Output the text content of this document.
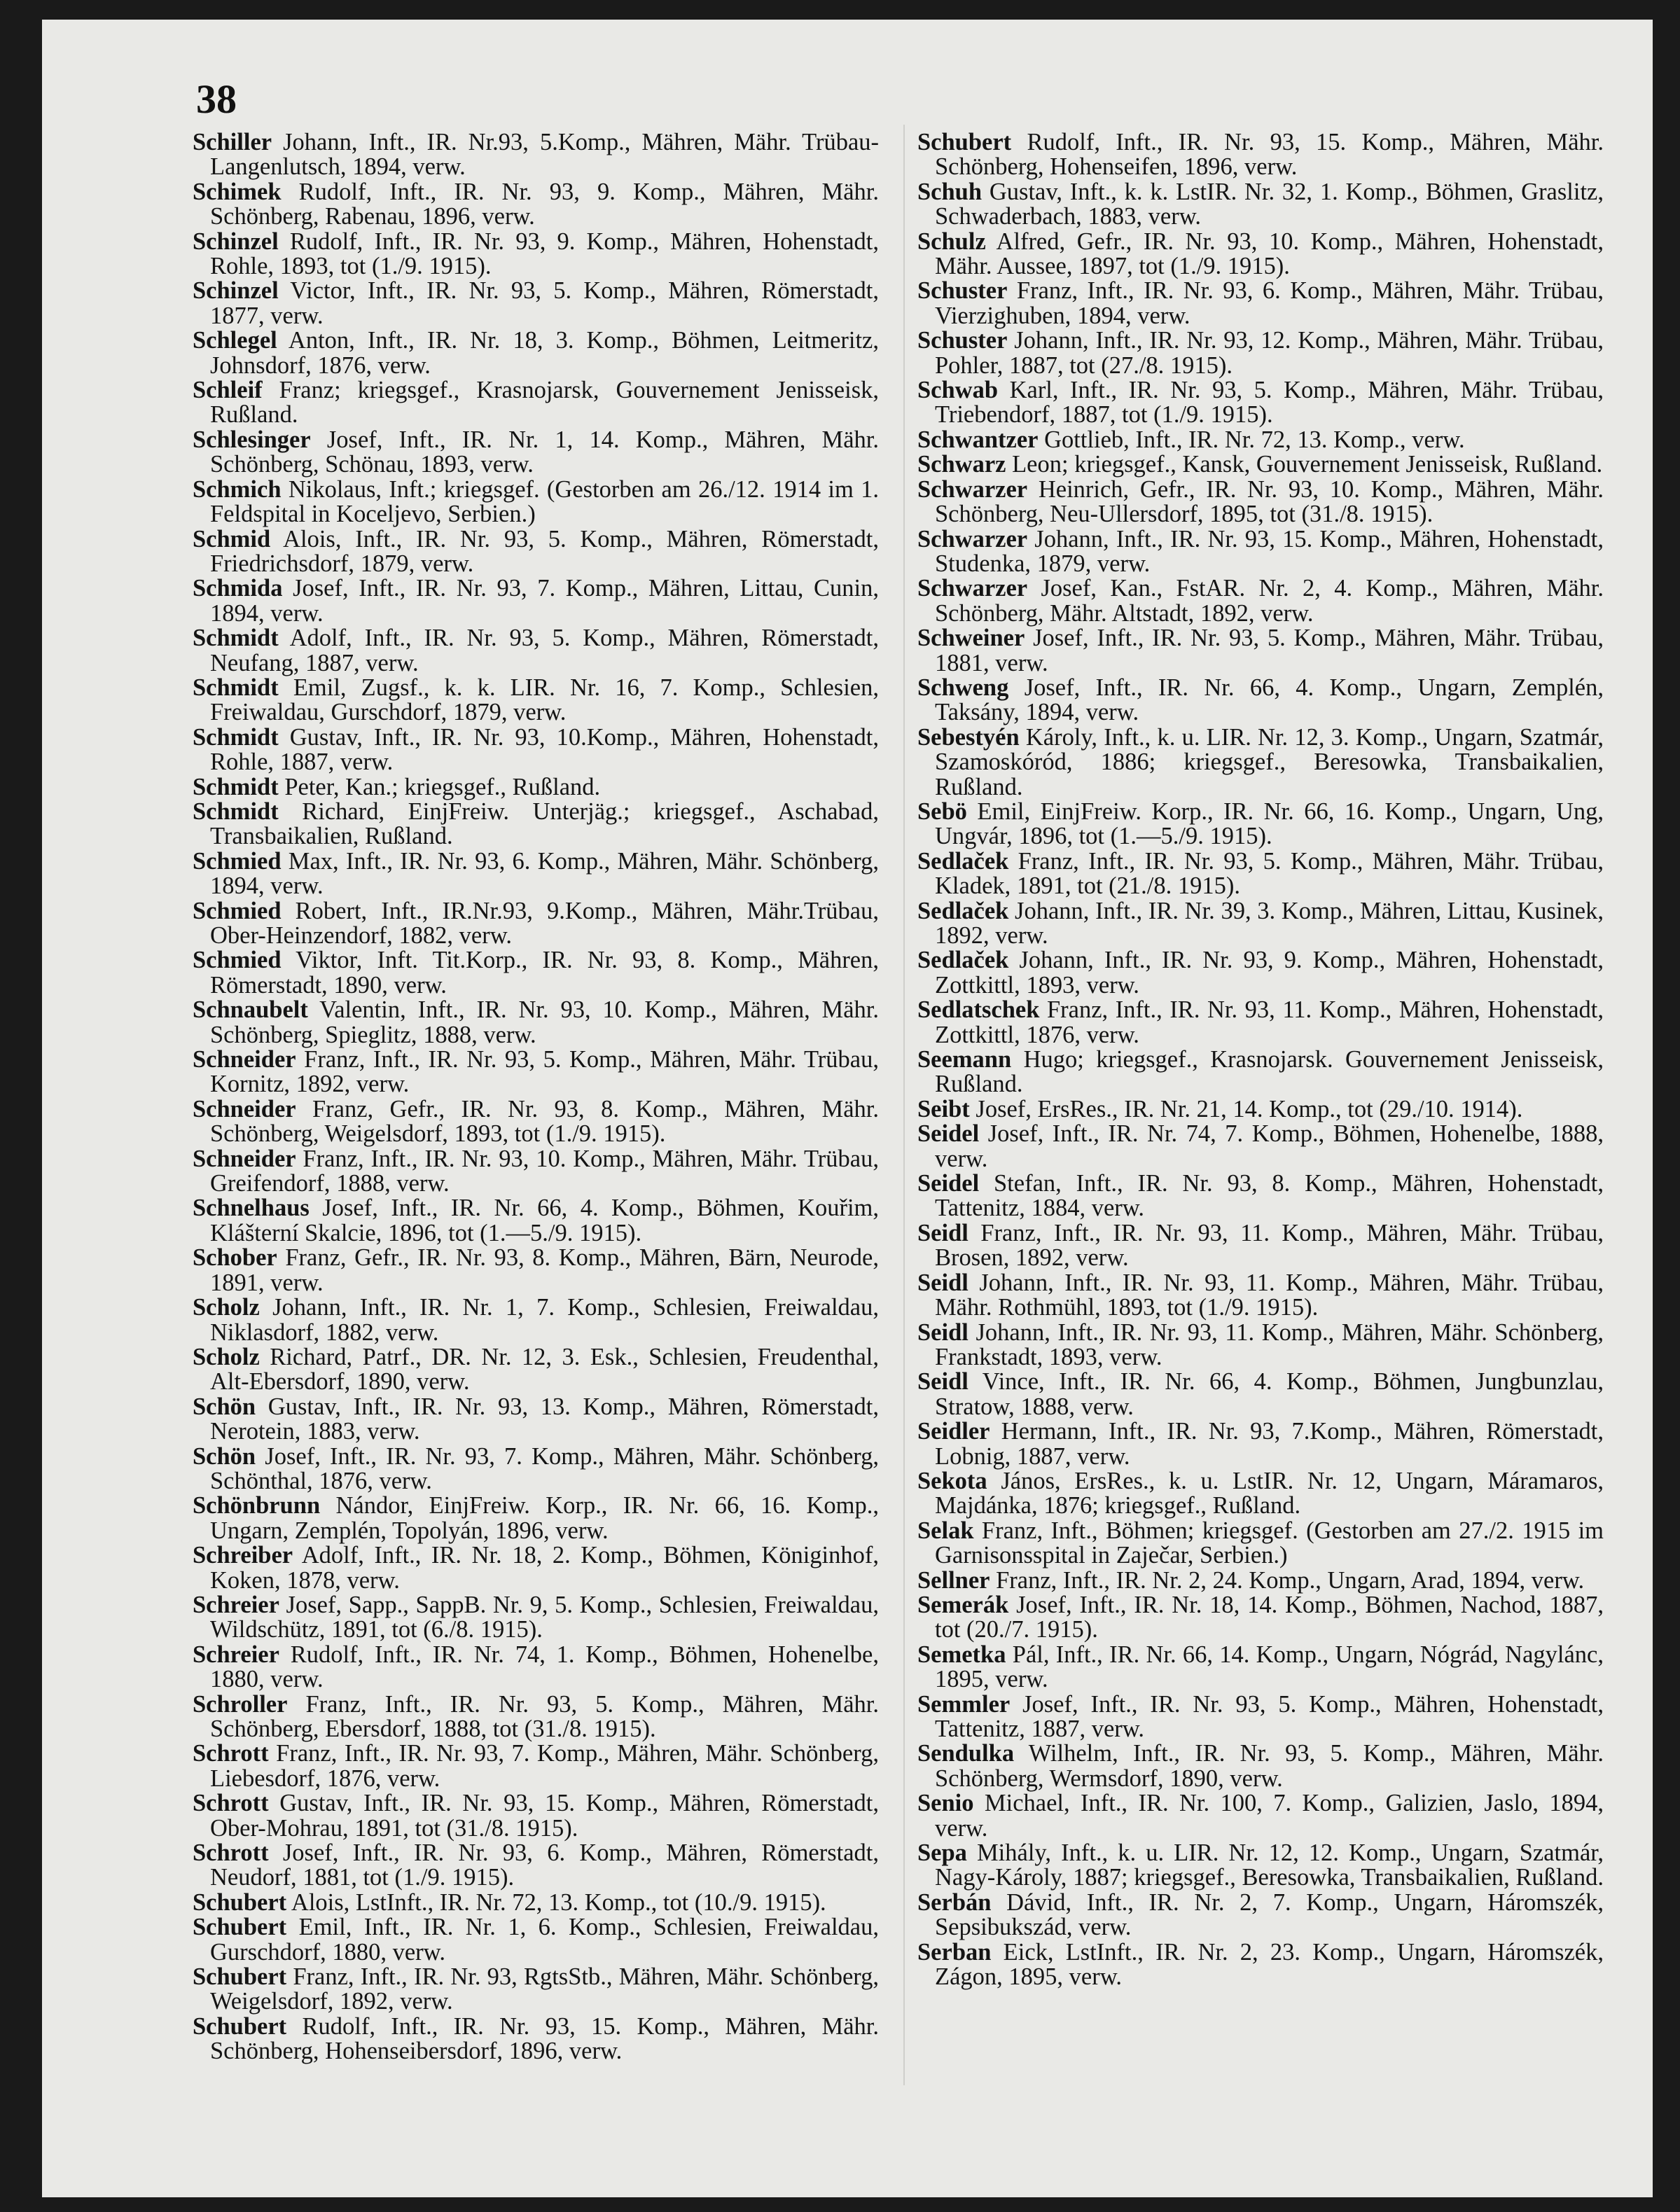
38
Schiller Johann, Inft., IR. Nr.93, 5.Komp., Mähren, Mähr. Trübau-Langenlutsch, 1894, verw.
Schimek Rudolf, Inft., IR. Nr. 93, 9. Komp., Mähren, Mähr. Schönberg, Rabenau, 1896, verw.
Schinzel Rudolf, Inft., IR. Nr. 93, 9. Komp., Mähren, Hohenstadt, Rohle, 1893, tot (1./9. 1915).
Schinzel Victor, Inft., IR. Nr. 93, 5. Komp., Mähren, Römerstadt, 1877, verw.
Schlegel Anton, Inft., IR. Nr. 18, 3. Komp., Böhmen, Leitmeritz, Johnsdorf, 1876, verw.
Schleif Franz; kriegsgef., Krasnojarsk, Gouvernement Jenisseisk, Rußland.
Schlesinger Josef, Inft., IR. Nr. 1, 14. Komp., Mähren, Mähr. Schönberg, Schönau, 1893, verw.
Schmich Nikolaus, Inft.; kriegsgef. (Gestorben am 26./12. 1914 im 1. Feldspital in Koceljevo, Serbien.)
Schmid Alois, Inft., IR. Nr. 93, 5. Komp., Mähren, Römerstadt, Friedrichsdorf, 1879, verw.
Schmida Josef, Inft., IR. Nr. 93, 7. Komp., Mähren, Littau, Cunin, 1894, verw.
Schmidt Adolf, Inft., IR. Nr. 93, 5. Komp., Mähren, Römerstadt, Neufang, 1887, verw.
Schmidt Emil, Zugsf., k. k. LIR. Nr. 16, 7. Komp., Schlesien, Freiwaldau, Gurschdorf, 1879, verw.
Schmidt Gustav, Inft., IR. Nr. 93, 10.Komp., Mähren, Hohenstadt, Rohle, 1887, verw.
Schmidt Peter, Kan.; kriegsgef., Rußland.
Schmidt Richard, EinjFreiw. Unterjäg.; kriegsgef., Aschabad, Transbaikalien, Rußland.
Schmied Max, Inft., IR. Nr. 93, 6. Komp., Mähren, Mähr. Schönberg, 1894, verw.
Schmied Robert, Inft., IR.Nr.93, 9.Komp., Mähren, Mähr.Trübau, Ober-Heinzendorf, 1882, verw.
Schmied Viktor, Inft. Tit.Korp., IR. Nr. 93, 8. Komp., Mähren, Römerstadt, 1890, verw.
Schnaubelt Valentin, Inft., IR. Nr. 93, 10. Komp., Mähren, Mähr. Schönberg, Spieglitz, 1888, verw.
Schneider Franz, Inft., IR. Nr. 93, 5. Komp., Mähren, Mähr. Trübau, Kornitz, 1892, verw.
Schneider Franz, Gefr., IR. Nr. 93, 8. Komp., Mähren, Mähr. Schönberg, Weigelsdorf, 1893, tot (1./9. 1915).
Schneider Franz, Inft., IR. Nr. 93, 10. Komp., Mähren, Mähr. Trübau, Greifendorf, 1888, verw.
Schnelhaus Josef, Inft., IR. Nr. 66, 4. Komp., Böhmen, Kouřim, Klášterní Skalcie, 1896, tot (1.—5./9. 1915).
Schober Franz, Gefr., IR. Nr. 93, 8. Komp., Mähren, Bärn, Neurode, 1891, verw.
Scholz Johann, Inft., IR. Nr. 1, 7. Komp., Schlesien, Freiwaldau, Niklasdorf, 1882, verw.
Scholz Richard, Patrf., DR. Nr. 12, 3. Esk., Schlesien, Freudenthal, Alt-Ebersdorf, 1890, verw.
Schön Gustav, Inft., IR. Nr. 93, 13. Komp., Mähren, Römerstadt, Nerotein, 1883, verw.
Schön Josef, Inft., IR. Nr. 93, 7. Komp., Mähren, Mähr. Schönberg, Schönthal, 1876, verw.
Schönbrunn Nándor, EinjFreiw. Korp., IR. Nr. 66, 16. Komp., Ungarn, Zemplén, Topolyán, 1896, verw.
Schreiber Adolf, Inft., IR. Nr. 18, 2. Komp., Böhmen, Königinhof, Koken, 1878, verw.
Schreier Josef, Sapp., SappB. Nr. 9, 5. Komp., Schlesien, Freiwaldau, Wildschütz, 1891, tot (6./8. 1915).
Schreier Rudolf, Inft., IR. Nr. 74, 1. Komp., Böhmen, Hohenelbe, 1880, verw.
Schroller Franz, Inft., IR. Nr. 93, 5. Komp., Mähren, Mähr. Schönberg, Ebersdorf, 1888, tot (31./8. 1915).
Schrott Franz, Inft., IR. Nr. 93, 7. Komp., Mähren, Mähr. Schönberg, Liebesdorf, 1876, verw.
Schrott Gustav, Inft., IR. Nr. 93, 15. Komp., Mähren, Römerstadt, Ober-Mohrau, 1891, tot (31./8. 1915).
Schrott Josef, Inft., IR. Nr. 93, 6. Komp., Mähren, Römerstadt, Neudorf, 1881, tot (1./9. 1915).
Schubert Alois, LstInft., IR. Nr. 72, 13. Komp., tot (10./9. 1915).
Schubert Emil, Inft., IR. Nr. 1, 6. Komp., Schlesien, Freiwaldau, Gurschdorf, 1880, verw.
Schubert Franz, Inft., IR. Nr. 93, RgtsStb., Mähren, Mähr. Schönberg, Weigelsdorf, 1892, verw.
Schubert Rudolf, Inft., IR. Nr. 93, 15. Komp., Mähren, Mähr. Schönberg, Hohenseibersdorf, 1896, verw.
Schubert Rudolf, Inft., IR. Nr. 93, 15. Komp., Mähren, Mähr. Schönberg, Hohenseifen, 1896, verw.
Schuh Gustav, Inft., k. k. LstIR. Nr. 32, 1. Komp., Böhmen, Graslitz, Schwaderbach, 1883, verw.
Schulz Alfred, Gefr., IR. Nr. 93, 10. Komp., Mähren, Hohenstadt, Mähr. Aussee, 1897, tot (1./9. 1915).
Schuster Franz, Inft., IR. Nr. 93, 6. Komp., Mähren, Mähr. Trübau, Vierzighuben, 1894, verw.
Schuster Johann, Inft., IR. Nr. 93, 12. Komp., Mähren, Mähr. Trübau, Pohler, 1887, tot (27./8. 1915).
Schwab Karl, Inft., IR. Nr. 93, 5. Komp., Mähren, Mähr. Trübau, Triebendorf, 1887, tot (1./9. 1915).
Schwantzer Gottlieb, Inft., IR. Nr. 72, 13. Komp., verw.
Schwarz Leon; kriegsgef., Kansk, Gouvernement Jenisseisk, Rußland.
Schwarzer Heinrich, Gefr., IR. Nr. 93, 10. Komp., Mähren, Mähr. Schönberg, Neu-Ullersdorf, 1895, tot (31./8. 1915).
Schwarzer Johann, Inft., IR. Nr. 93, 15. Komp., Mähren, Hohenstadt, Studenka, 1879, verw.
Schwarzer Josef, Kan., FstAR. Nr. 2, 4. Komp., Mähren, Mähr. Schönberg, Mähr. Altstadt, 1892, verw.
Schweiner Josef, Inft., IR. Nr. 93, 5. Komp., Mähren, Mähr. Trübau, 1881, verw.
Schweng Josef, Inft., IR. Nr. 66, 4. Komp., Ungarn, Zemplén, Taksány, 1894, verw.
Sebestyén Károly, Inft., k. u. LIR. Nr. 12, 3. Komp., Ungarn, Szatmár, Szamoskóród, 1886; kriegsgef., Beresowka, Transbaikalien, Rußland.
Sebö Emil, EinjFreiw. Korp., IR. Nr. 66, 16. Komp., Ungarn, Ung, Ungvár, 1896, tot (1.—5./9. 1915).
Sedlaček Franz, Inft., IR. Nr. 93, 5. Komp., Mähren, Mähr. Trübau, Kladek, 1891, tot (21./8. 1915).
Sedlaček Johann, Inft., IR. Nr. 39, 3. Komp., Mähren, Littau, Kusinek, 1892, verw.
Sedlaček Johann, Inft., IR. Nr. 93, 9. Komp., Mähren, Hohenstadt, Zottkittl, 1893, verw.
Sedlatschek Franz, Inft., IR. Nr. 93, 11. Komp., Mähren, Hohenstadt, Zottkittl, 1876, verw.
Seemann Hugo; kriegsgef., Krasnojarsk. Gouvernement Jenisseisk, Rußland.
Seibt Josef, ErsRes., IR. Nr. 21, 14. Komp., tot (29./10. 1914).
Seidel Josef, Inft., IR. Nr. 74, 7. Komp., Böhmen, Hohenelbe, 1888, verw.
Seidel Stefan, Inft., IR. Nr. 93, 8. Komp., Mähren, Hohenstadt, Tattenitz, 1884, verw.
Seidl Franz, Inft., IR. Nr. 93, 11. Komp., Mähren, Mähr. Trübau, Brosen, 1892, verw.
Seidl Johann, Inft., IR. Nr. 93, 11. Komp., Mähren, Mähr. Trübau, Mähr. Rothmühl, 1893, tot (1./9. 1915).
Seidl Johann, Inft., IR. Nr. 93, 11. Komp., Mähren, Mähr. Schönberg, Frankstadt, 1893, verw.
Seidl Vince, Inft., IR. Nr. 66, 4. Komp., Böhmen, Jungbunzlau, Stratow, 1888, verw.
Seidler Hermann, Inft., IR. Nr. 93, 7.Komp., Mähren, Römerstadt, Lobnig, 1887, verw.
Sekota János, ErsRes., k. u. LstIR. Nr. 12, Ungarn, Máramaros, Majdánka, 1876; kriegsgef., Rußland.
Selak Franz, Inft., Böhmen; kriegsgef. (Gestorben am 27./2. 1915 im Garnisonsspital in Zaječar, Serbien.)
Sellner Franz, Inft., IR. Nr. 2, 24. Komp., Ungarn, Arad, 1894, verw.
Semerák Josef, Inft., IR. Nr. 18, 14. Komp., Böhmen, Nachod, 1887, tot (20./7. 1915).
Semetka Pál, Inft., IR. Nr. 66, 14. Komp., Ungarn, Nógrád, Nagylánc, 1895, verw.
Semmler Josef, Inft., IR. Nr. 93, 5. Komp., Mähren, Hohenstadt, Tattenitz, 1887, verw.
Sendulka Wilhelm, Inft., IR. Nr. 93, 5. Komp., Mähren, Mähr. Schönberg, Wermsdorf, 1890, verw.
Senio Michael, Inft., IR. Nr. 100, 7. Komp., Galizien, Jaslo, 1894, verw.
Sepa Mihály, Inft., k. u. LIR. Nr. 12, 12. Komp., Ungarn, Szatmár, Nagy-Károly, 1887; kriegsgef., Beresowka, Transbaikalien, Rußland.
Serbán Dávid, Inft., IR. Nr. 2, 7. Komp., Ungarn, Háromszék, Sepsibukszád, verw.
Serban Eick, LstInft., IR. Nr. 2, 23. Komp., Ungarn, Háromszék, Zágon, 1895, verw.
